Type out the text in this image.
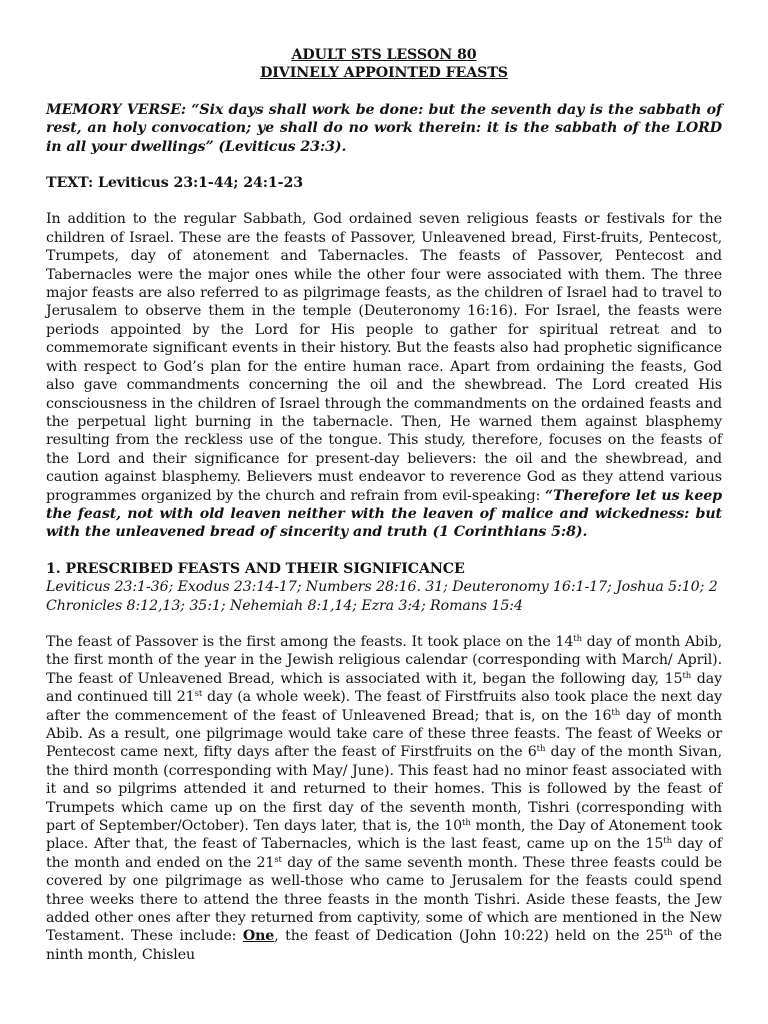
ADULT STS LESSON 80
DIVINELY APPOINTED FEASTS

MEMORY VERSE: “Six days shall work be done: but the seventh day is the sabbath of rest, an holy convocation; ye shall do no work therein: it is the sabbath of the LORD in all your dwellings” (Leviticus 23:3).

TEXT: Leviticus 23:1-44; 24:1-23

In addition to the regular Sabbath, God ordained seven religious feasts or festivals for the children of Israel. These are the feasts of Passover, Unleavened bread, First-fruits, Pentecost, Trumpets, day of atonement and Tabernacles. The feasts of Passover, Pentecost and Tabernacles were the major ones while the other four were associated with them. The three major feasts are also referred to as pilgrimage feasts, as the children of Israel had to travel to Jerusalem to observe them in the temple (Deuteronomy 16:16). For Israel, the feasts were periods appointed by the Lord for His people to gather for spiritual retreat and to commemorate significant events in their history. But the feasts also had prophetic significance with respect to God’s plan for the entire human race. Apart from ordaining the feasts, God also gave commandments concerning the oil and the shewbread. The Lord created His consciousness in the children of Israel through the commandments on the ordained feasts and the perpetual light burning in the tabernacle. Then, He warned them against blasphemy resulting from the reckless use of the tongue. This study, therefore, focuses on the feasts of the Lord and their significance for present-day believers: the oil and the shewbread, and caution against blasphemy. Believers must endeavor to reverence God as they attend various programmes organized by the church and refrain from evil-speaking: “Therefore let us keep the feast, not with old leaven neither with the leaven of malice and wickedness: but with the unleavened bread of sincerity and truth (1 Corinthians 5:8).

1. PRESCRIBED FEASTS AND THEIR SIGNIFICANCE

Leviticus 23:1-36; Exodus 23:14-17; Numbers 28:16. 31; Deuteronomy 16:1-17; Joshua 5:10; 2 Chronicles 8:12,13; 35:1; Nehemiah 8:1,14; Ezra 3:4; Romans 15:4

The feast of Passover is the first among the feasts. It took place on the 14th day of month Abib, the first month of the year in the Jewish religious calendar (corresponding with March/ April). The feast of Unleavened Bread, which is associated with it, began the following day, 15th day and continued till 21st day (a whole week). The feast of Firstfruits also took place the next day after the commencement of the feast of Unleavened Bread; that is, on the 16th day of month Abib. As a result, one pilgrimage would take care of these three feasts. The feast of Weeks or Pentecost came next, fifty days after the feast of Firstfruits on the 6th day of the month Sivan, the third month (corresponding with May/ June). This feast had no minor feast associated with it and so pilgrims attended it and returned to their homes. This is followed by the feast of Trumpets which came up on the first day of the seventh month, Tishri (corresponding with part of September/October). Ten days later, that is, the 10th month, the Day of Atonement took place. After that, the feast of Tabernacles, which is the last feast, came up on the 15th day of the month and ended on the 21st day of the same seventh month. These three feasts could be covered by one pilgrimage as well-those who came to Jerusalem for the feasts could spend three weeks there to attend the three feasts in the month Tishri. Aside these feasts, the Jew added other ones after they returned from captivity, some of which are mentioned in the New Testament. These include: One, the feast of Dedication (John 10:22) held on the 25th of the ninth month, Chisleu
